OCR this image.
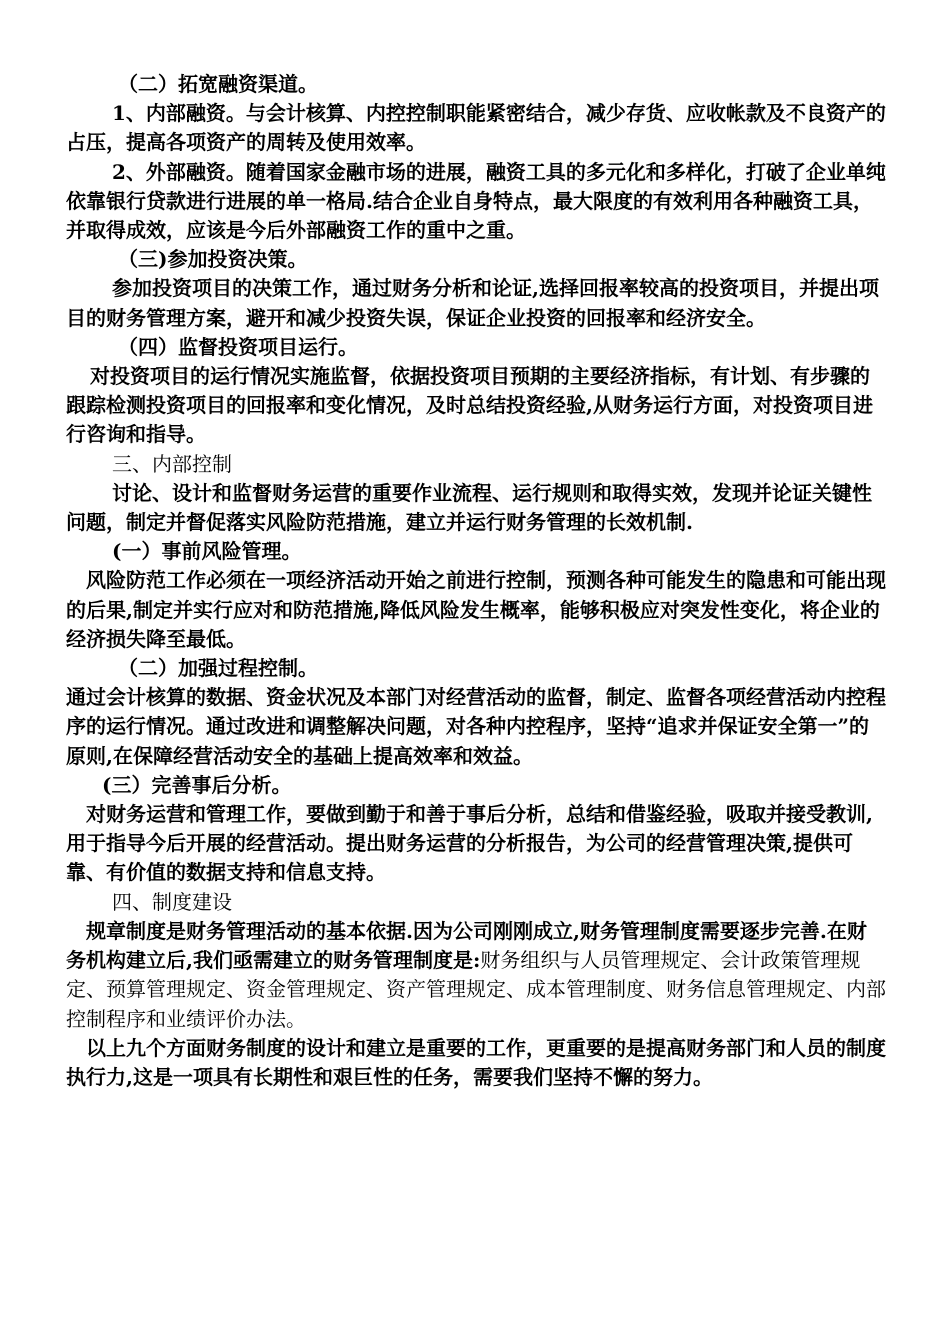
（二）拓宽融资渠道。

1、内部融资。与会计核算、内控控制职能紧密结合，减少存货、应收帐款及不良资产的占压，提高各项资产的周转及使用效率。

2、外部融资。随着国家金融市场的进展，融资工具的多元化和多样化，打破了企业单纯依靠银行贷款进行进展的单一格局.结合企业自身特点，最大限度的有效利用各种融资工具，并取得成效，应该是今后外部融资工作的重中之重。

（三)参加投资决策。

参加投资项目的决策工作，通过财务分析和论证,选择回报率较高的投资项目，并提出项目的财务管理方案，避开和减少投资失误，保证企业投资的回报率和经济安全。

（四）监督投资项目运行。

对投资项目的运行情况实施监督，依据投资项目预期的主要经济指标，有计划、有步骤的跟踪检测投资项目的回报率和变化情况，及时总结投资经验,从财务运行方面，对投资项目进行咨询和指导。

三、内部控制

讨论、设计和监督财务运营的重要作业流程、运行规则和取得实效，发现并论证关键性问题，制定并督促落实风险防范措施，建立并运行财务管理的长效机制.

(一）事前风险管理。

风险防范工作必须在一项经济活动开始之前进行控制，预测各种可能发生的隐患和可能出现的后果,制定并实行应对和防范措施,降低风险发生概率，能够积极应对突发性变化，将企业的经济损失降至最低。

（二）加强过程控制。

通过会计核算的数据、资金状况及本部门对经营活动的监督，制定、监督各项经营活动内控程序的运行情况。通过改进和调整解决问题，对各种内控程序，坚持“追求并保证安全第一”的原则,在保障经营活动安全的基础上提高效率和效益。

(三）完善事后分析。

对财务运营和管理工作，要做到勤于和善于事后分析，总结和借鉴经验，吸取并接受教训,用于指导今后开展的经营活动。提出财务运营的分析报告，为公司的经营管理决策,提供可靠、有价值的数据支持和信息支持。

四、制度建设

规章制度是财务管理活动的基本依据.因为公司刚刚成立,财务管理制度需要逐步完善.在财务机构建立后,我们亟需建立的财务管理制度是:财务组织与人员管理规定、会计政策管理规定、预算管理规定、资金管理规定、资产管理规定、成本管理制度、财务信息管理规定、内部控制程序和业绩评价办法。

以上九个方面财务制度的设计和建立是重要的工作，更重要的是提高财务部门和人员的制度执行力,这是一项具有长期性和艰巨性的任务，需要我们坚持不懈的努力。
